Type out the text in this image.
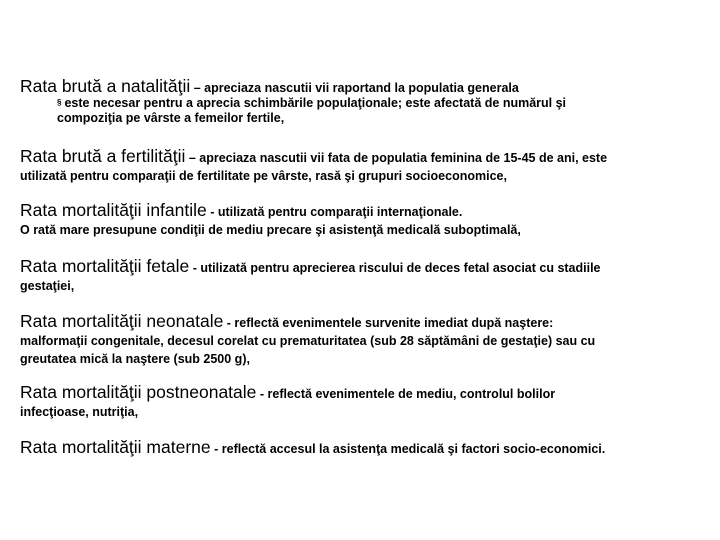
Rata brută a natalităţii – apreciaza nascutii vii raportand la populatia generala
§ este necesar pentru a aprecia schimbările populaţionale; este afectată de numărul şi
compoziţia pe vârste a femeilor fertile,
Rata brută a fertilităţii – apreciaza nascutii vii fata de populatia feminina de 15-45 de ani, este
utilizată pentru comparaţii de fertilitate pe vârste, rasă şi grupuri socioeconomice,
Rata mortalităţii infantile - utilizată pentru comparaţii internaţionale.
O rată mare presupune condiţii de mediu precare şi asistenţă medicală suboptimală,
Rata mortalităţii fetale - utilizată pentru aprecierea riscului de deces fetal asociat cu stadiile
gestaţiei,
Rata mortalităţii neonatale - reflectă evenimentele survenite imediat după naştere:
malformaţii congenitale, decesul corelat cu prematuritatea (sub 28 săptămâni de gestaţie) sau cu
greutatea mică la naştere (sub 2500 g),
Rata mortalităţii postneonatale - reflectă evenimentele de mediu, controlul bolilor
infecţioase, nutriţia,
Rata mortalităţii materne - reflectă accesul la asistenţa medicală şi factori socio-economici.
